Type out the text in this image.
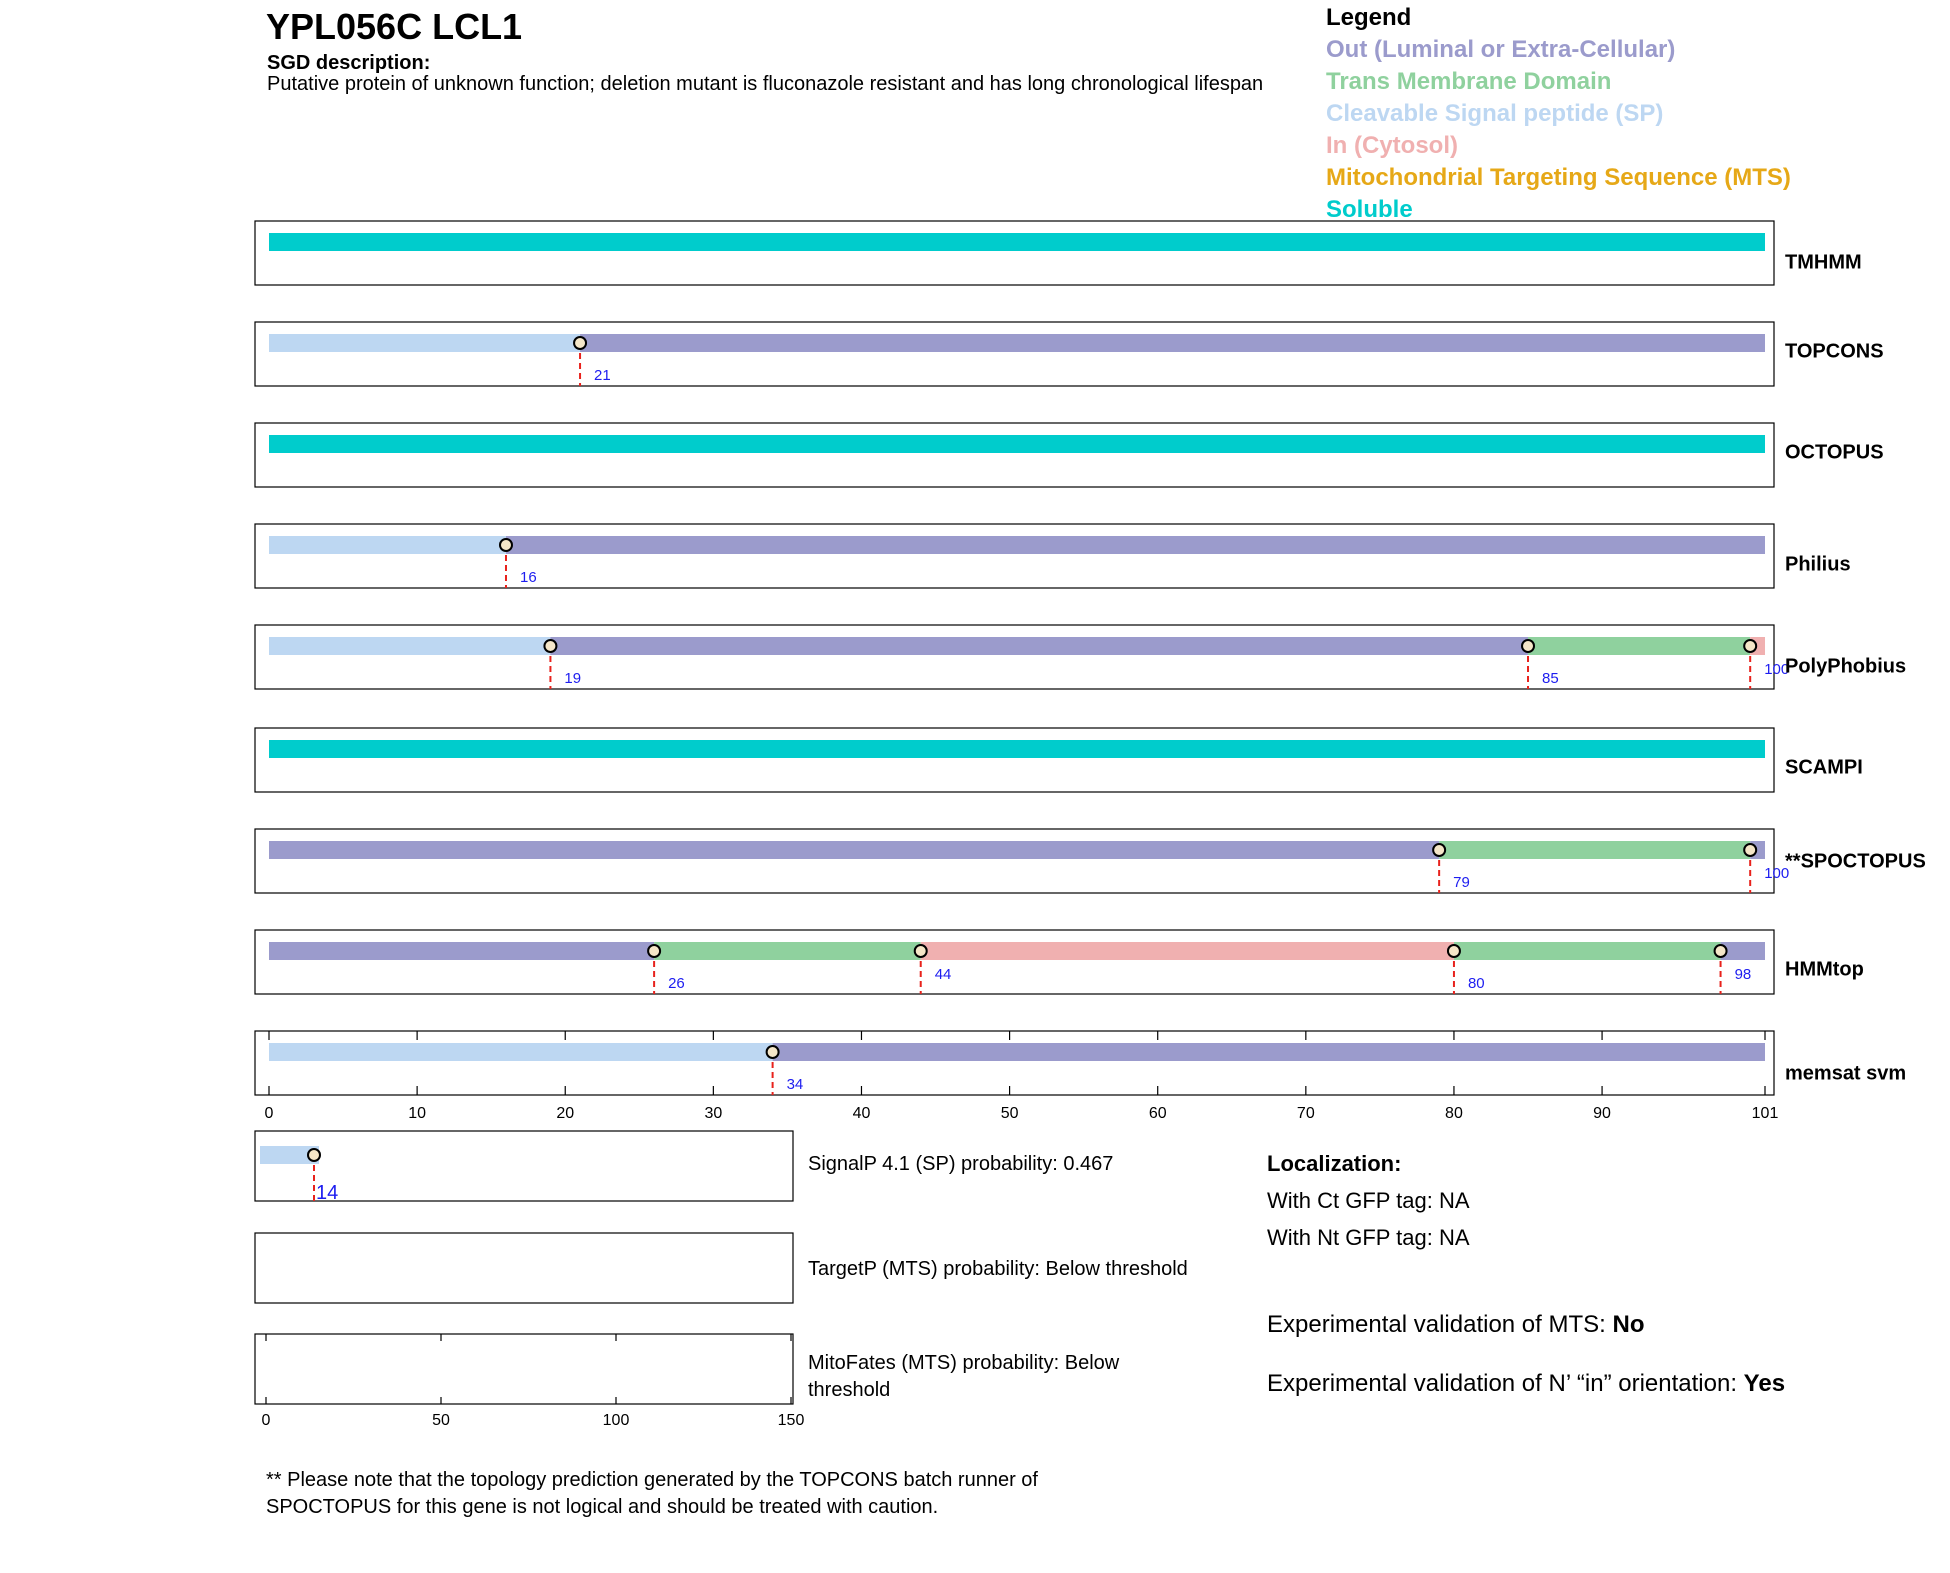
YPL056C LCL1
SGD description:
Putative protein of unknown function; deletion mutant is fluconazole resistant and has long chronological lifespan
Legend
Out (Luminal or Extra-Cellular)
Trans Membrane Domain
Cleavable Signal peptide (SP)
In (Cytosol)
Mitochondrial Targeting Sequence (MTS)
Soluble
TMHMM
21
TOPCONS
OCTOPUS
16
Philius
19	85
100
PolyPhobius
SCAMPI
79
100
**SPOCTOPUS
26
44
80
98 HMMtop
34
memsat svm
0	10	20	30	40	50	60	70	80	90	101
14
0	50	100	150
SignalP 4.1 (SP) probability: 0.467
TargetP (MTS) probability: Below threshold
MitoFates (MTS) probability: Below
threshold
Localization:
With Ct GFP tag: NA
With Nt GFP tag: NA
Experimental validation of MTS: No
Experimental validation of N’ “in” orientation: Yes
** Please note that the topology prediction generated by the TOPCONS batch runner of SPOCTOPUS for this gene is not logical and should be treated with caution.
